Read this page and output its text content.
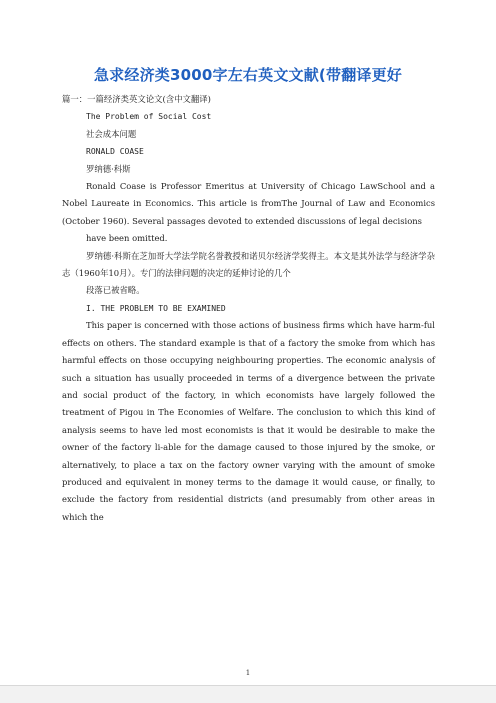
急求经济类3000字左右英文文献(带翻译更好

篇一：一篇经济类英文论文(含中文翻译)

The Problem of Social Cost

社会成本问题

RONALD COASE

罗纳德·科斯

Ronald Coase is Professor Emeritus at University of Chicago LawSchool and a Nobel Laureate in Economics. This article is fromThe Journal of Law and Economics (October 1960). Several passages devoted to extended discussions of legal decisions

have been omitted.

罗纳德·科斯在芝加哥大学法学院名誉教授和诺贝尔经济学奖得主。本文是其外法学与经济学杂志（1960年10月）。专门的法律问题的决定的延伸讨论的几个

段落已被省略。

I. THE PROBLEM TO BE EXAMINED

This paper is concerned with those actions of business firms which have harm-ful effects on others. The standard example is that of a factory the smoke from which has harmful effects on those occupying neighbouring properties. The economic analysis of such a situation has usually proceeded in terms of a divergence between the private and social product of the factory, in which economists have largely followed the treatment of Pigou in The Economies of Welfare. The conclusion to which this kind of analysis seems to have led most economists is that it would be desirable to make the owner of the factory li-able for the damage caused to those injured by the smoke, or alternatively, to place a tax on the factory owner varying with the amount of smoke produced and equivalent in money terms to the damage it would cause, or finally, to exclude the factory from residential districts (and presumably from other areas in which the

1
